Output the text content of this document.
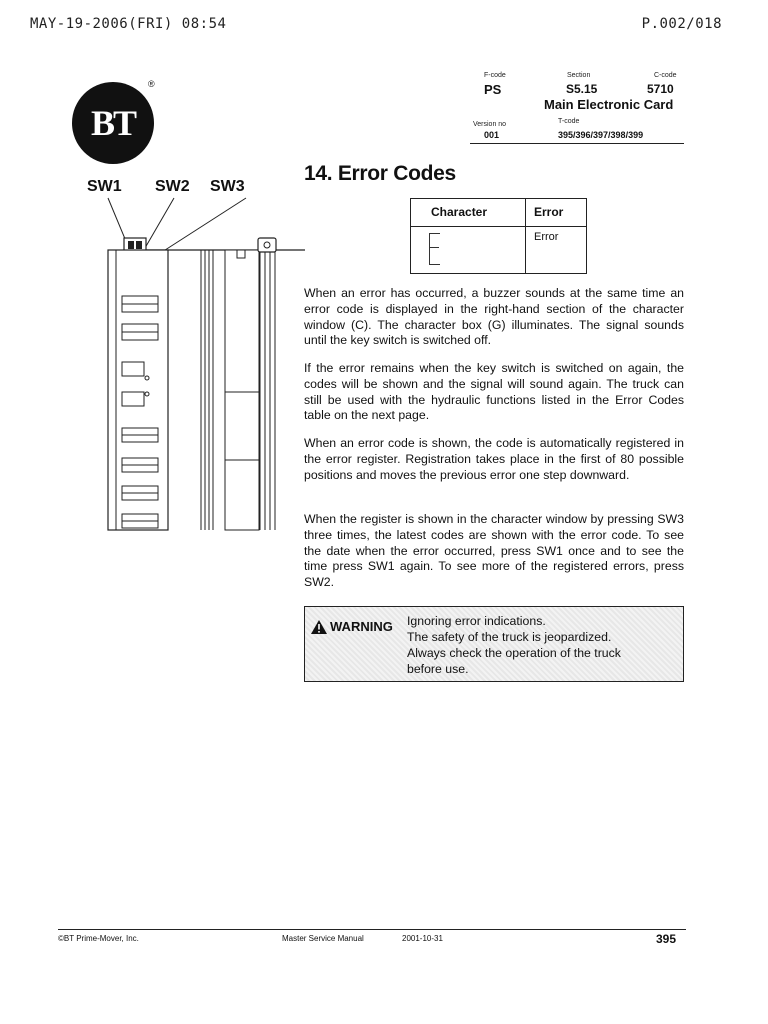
MAY-19-2006(FRI) 08:54	P.002/018
BT
®
F-code
PS
Section
S5.15
C-code
5710
Main Electronic Card
Version no
001
T-code
395/396/397/398/399
14. Error Codes
SW1 SW2 SW3
Character	Error

	Error
When an error has occurred, a buzzer sounds at the same time an error code is displayed in the right-hand section of the character window (C). The character box (G) illuminates. The signal sounds until the key switch is switched off.
If the error remains when the key switch is switched on again, the codes will be shown and the signal will sound again. The truck can still be used with the hydraulic functions listed in the Error Codes table on the next page.
When an error code is shown, the code is automatically registered in the error register. Registration takes place in the first of 80 possible positions and moves the previous error one step downward.
When the register is shown in the character window by pressing SW3 three times, the latest codes are shown with the error code. To see the date when the error occurred, press SW1 once and to see the time press SW1 again. To see more of the registered errors, press SW2.
WARNING Ignoring error indications.
The safety of the truck is jeopardized.
Always check the operation of the truck
before use.
©BT Prime-Mover, Inc.	Master Service Manual	2001-10-31	395
